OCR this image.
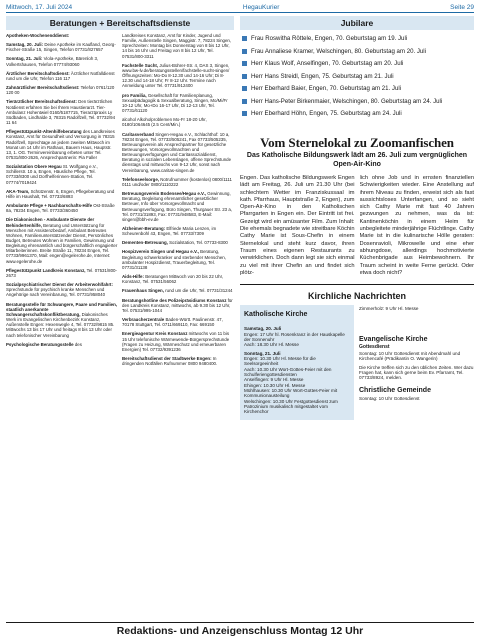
Mittwoch, 17. Juli 2024	HegauKurier	Seite 29
Beratungen + Bereitschaftsdienste
Apotheken-Wochenenddienst:
Samstag, 20. Juli: Deine Apotheke im Kaufland, Georg-Fischer-Straße 15, Singen, Telefon 07731/827657
Sonntag, 21. Juli: Viola-Apotheke, Bärenloh 3, Volkertshausen, Telefon 07774/93060
Ärztlicher Bereitschaftsdienst: Ärztlicher Notfalldienst rund um die Uhr, Telefon 116 117
Zahnärztlicher Bereitschaftsdienst: Telefon 0761/120 120 00
Tierärztlicher Bereitschaftsdienst: Den tierärztlichen Notdienst erfahren Sie bei Ihrem Haustierarzt. Tier-Ambulanz Hohentwiel 0160/5187715, Tierarztpraxis Ly Südbaden, Lindhalde 3, 78315 Radolfzell, Tel. 07732/94 11 64
Pflegestützpunkt-Altenhilfeberatung des Landkreises Konstanz, Amt für Gesundheit und Versorgung in 78315 Radolfzell, Sprechtage an jedem zweiten Mittwoch im Monat um 14 Uhr im Rathaus, Bauern Haus, Hauptstr. 13, 1. OG. Terminvereinbarung erbeten unter Tel. 07531/800-2626, Ansprechpartnerin: Pia Faller
Sozialstation Obere Hegau St. Wolfgang e.V., Schillerstr. 10 a, Engen, Häusliche Pflege, Tel. 07733/8300 und Dorfhelferinnen-Station, Tel. 07774/7019424
AKA-Team, Schützenstr. 6, Engen, Pflegeberatung und Hilfe im Haushalt, Tel. 07733/6893
Ambulante Pflege + Nachbarschafts-Hilfe Ost-Straße 8a, 78234 Engen, Tel. 07733/360450
Die Diakonischen - Ambulante Dienste der Behindertenhilfe, Beratung und Unterstützung für Menschen mit Assistenzbedarf, Ambulant Betreutes Wohnen, Familienunterstützender Dienst, Persönliches Budget, Betreutes Wohnen in Familien, Gewinnung und Begleitung ehrenamtlich und bürgerschaftlich engagierter Mitarbeiterinnen. Breite Straße 11, 78234 Engen, Tel. 07733/9961370, Mail: engen@egelerohe.de, Internet: www.egelerohe.de
Pflegestützpunkt Landkreis Konstanz, Tel. 07531/800-2673
Sozialpsychiatrischer Dienst der Arbeiterwohlfahrt: Sprechstunde für psychisch kranke Menschen und Angehörige nach Vereinbarung, Tel. 07731/958040
Beratungsstelle für Schwangere, Paare und Familien, staatlich anerkannte Schwangerschaftskonfliktberatung, Diakonisches Werk im Evangelischen Kirchenbezirk Konstanz, Außenstelle Engen: Hexenwegle 4, Tel. 07732/9815 85. Mittwochs 13 bis 17 Uhr und freitags 8 bis 13 Uhr oder nach telefonischer Vereinbarung
Psychologische Beratungsstelle des
Landkreises Konstanz, Amt für Kinder, Jugend und Familie, Außenstelle Singen, Maggistr. 7, 78224 Singen, Sprechzeiten: Montag bis Donnerstag von 8 bis 12 Uhr, 14 bis 16 Uhr und Freitag von 8 bis 12 Uhr, Tel. 07531/800-3311
Fachstelle Sucht, Julius-Bührer-Str. 4, DAS 3, Singen, www.bw-lv.de/beratungsstellen/fachstelle-sucht-singen/ Öffnungszeiten: Mo-Do 8-12.30 und 14-16 Uhr; Di 8-12.30 und 14-18 Uhr; Fr 8-12 Uhr. Termine nach Anmeldung unter Tel. 07731/912400
pro Familia, Gesellschaft für Familienplanung, Sexualpädagogik & Sexualberatung, Singen, Mo/Mi/Fr 10-12 Uhr, Mo+Do 16-17 Uhr, Di 12-13 Uhr, Tel. 07731/61120
alcohol Alkoholproblemen Mo-Fr 18-20 Uhr, 0180/1064645 (2.5 Cent/Min.)
Caritasverband Singen-Hegau e.V., Schlachthof: 10 a, 78234 Engen, Tel. 07733/505241, Fax 07733/505235, Betreuungsverein als Ansprechpartner für gesetzliche Betreuungen, Vorsorgevollmachten und Betreuungsverfügungen und Caritassozialdienst, Beratung in sozialen Lebenslagen, offene Sprechstunde dienstags und mittwochs von 9-12 Uhr, sonst nach Vereinbarung, www.caritas-singen.de
Telefonseelsorge, Notrufnummer (kostenlos) 0800/1111 0111 und/oder 0800/1110222
Betreuungsverein Bodensee/Hegau e.V., Gewinnung, Beratung, Begleitung ehrenamtlicher gesetzlicher Betreuer, Info über Vorsorgevollmacht und Betreuungsverfügung, Büro Singen, Thurgauer Str. 23 a, Tel. 07731/31893, Fax: 07731/948583, E-Mail: singen@bbh-ev.de
Alzheimer-Beratung: Elfriede Maria Lenzen, im Scheurenbohl 43, Engen, Tel. 07733/7309
Dementen-Betreuung, Sozialstation, Tel. 07733-8300
Hospizverein Singen und Hegau e.V., Beratung, Begleitung schwerkranker und sterbender Menschen, ambulanter Hospizdienst, Trauerbegleitung, Tel. 07731/31138
Aids-Hilfe: Beratungen Mittwoch von 20 bis 22 Uhr, Konstanz, Tel. 07531/56062
Frauenhaus Singen, rund um die Uhr, Tel. 07731/31244
Beratungshotline des Polizeipräsidiums Konstanz für den Landkreis Konstanz, mittwochs, ab 9.30 bis 12 Uhr, Tel. 07531/995-1044
Verbraucherzentrale Baden-Württ. Paulinenstr. 47, 70178 Stuttgart, Tel. 0711/669110, Fax: 669150
Energieagentur Kreis Konstanz mittwochs von 11 bis 15 Uhr telefonische Wärmewende-Bürgersprechstunde (Fragen zu Heizung, Wärmeschutz und erneuerbaren Energien) Tel. 07732/9391236
Bereitschaftsdienst der Stadtwerke Engen: In dringenden Notfällen Rufnummer 0800 9480400.
Jubilare
Frau Roswitha Röttele, Engen, 70. Geburtstag am 19. Juli
Frau Annaliese Kramer, Welschingen, 80. Geburtstag am 20. Juli
Herr Klaus Wolf, Anselfingen, 70. Geburtstag am 20. Juli
Herr Hans Streidl, Engen, 75. Geburtstag am 21. Juli
Herr Eberhard Baier, Engen, 70. Geburtstag am 21. Juli
Herr Hans-Peter Birkenmaier, Welschingen, 80. Geburtstag am 24. Juli
Herr Eberhard Höhn, Engen, 75. Geburtstag am 24. Juli
Vom Sternelokal zu Zoomanfischen
Das Katholische Bildungswerk lädt am 26. Juli zum vergnüglichen Open-Air-Kino

Engen. Das katholische Bildungswerk Engen lädt am Freitag, 26. Juli um 21.30 Uhr (bei schlechtem Wetter im Franziskussaal im kath. Pfarrhaus, Hauptstraße 2, Engen), zum Open-Air-Kino in den Katholischen Pfarrgarten in Engen ein. Der Eintritt ist frei. Gezeigt wird ein amüsanter Film. Zum Inhalt: Die ehemals begnadete wie streitbare Köchin Cathy Marie ist Sous-Chefin in einem Sternelokal und steht kurz davor, ihren Traum eines eigenen Restaurants zu verwirklichen. Doch dann legt sie sich einmal zu viel mit ihrer Chefin an und findet sich plötz-

lich ohne Job und in ernsten finanziellen Schwierigkeiten wieder. Eine Anstellung auf ihrem Niveau zu finden, erweist sich als fast aussichtsloses Unterfangen, und so sieht sich Cathy Marie mit fast 40 Jahren gezwungen zu nehmen, was da ist: Kantinenköchin in einem Heim für unbegleitete minderjährige Flüchtlinge. Cathy Marie ist in die kulinarische Hölle geraten: Dosenravioli, Mikrowelle und eine eher abhungdose, allerdings hochmotivierte Küchenbrigade aus Heimbewohnern. Ihr Traum scheint in weite Ferne gerückt. Oder etwa doch nicht?

Kirchliche Nachrichten
Katholische Kirche
Samstag, 20. Juli
Engen: 17 Uhr hl. Rosenkranz in der Hauskapelle der Sonnenuhr
Aach: 18.30 Uhr Hl. Messe
Sonntag, 21. Juli
Engen: 10.30 Uhr Hl. Messe für die Seelsorgeeinheit
Aach: 10.30 Uhr Wort-Gottes-Feier mit den Schulferiengottesdiensten
Anselfingen: 9 Uhr Hl. Messe
Ehingen: 10.30 Uhr Hl. Messe
Mühlhausen: 10.30 Uhr Wort-Gottes-Feier mit Kommunionausteilung
Welschingen: 10.30 Uhr Festgottesdienst zum Patrozinium musikalisch mitgestaltet vom Kirchenchor
Zimmerholz: 9 Uhr Hl. Messe
Evangelische Kirche
Gottesdienst
Sonntag: 10 Uhr Gottesdienst mit Abendmahl und Kirchencafé (Prädikantin O. Wangerin)
Die Kirche treffen sich zu den üblichen Zeiten. Wer dazu Fragen hat, kann sich gerne beim Ev. Pfarramt, Tel. 07733/8924, melden.
Christliche Gemeinde
Sonntag: 10 Uhr Gottesdienst
Redaktions- und Anzeigenschluss Montag 12 Uhr
